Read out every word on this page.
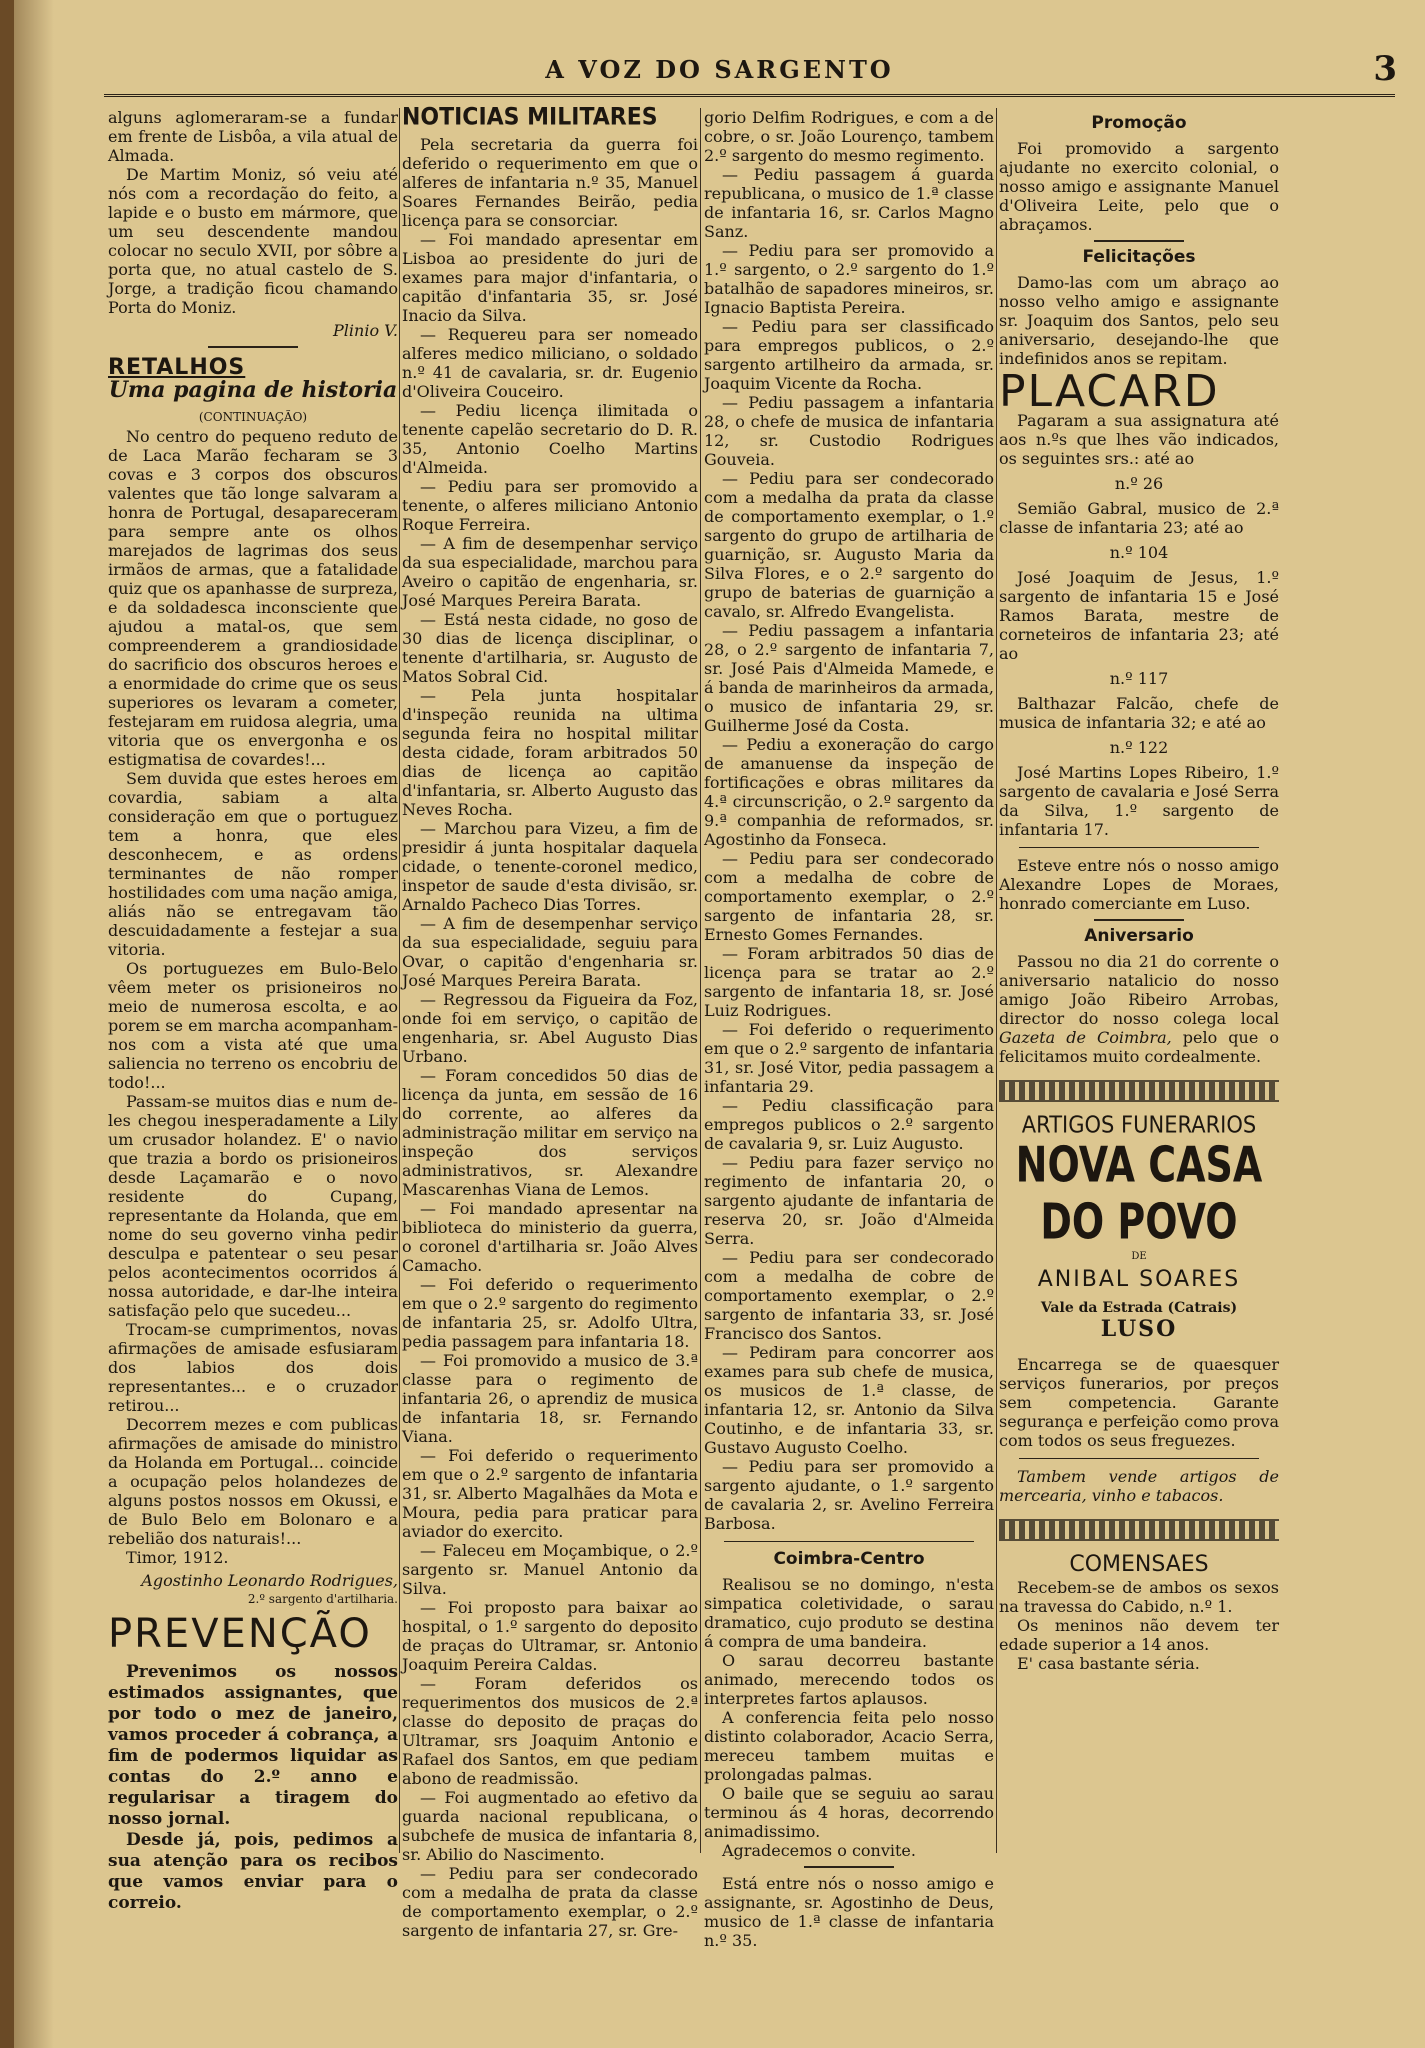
A VOZ DO SARGENTO	3

alguns aglomeraram-se a fundar em frente de Lisbôa, a vila atual de Almada.

De Martim Moniz, só veiu até nós com a recordação do feito, a lapide e o busto em mármore, que um seu descendente mandou colocar no seculo XVII, por sôbre a porta que, no atual castelo de S. Jorge, a tradição ficou chamando Porta do Moniz.

Plinio V.
RETALHOS
Uma pagina de historia
(CONTINUAÇÃO)

No centro do pequeno reduto de de Laca Marão fecharam se 3 covas e 3 corpos dos obscuros valentes que tão longe salvaram a honra de Portugal, desapareceram para sempre ante os olhos marejados de lagrimas dos seus irmãos de armas, que a fatalidade quiz que os apanhasse de surpreza, e da soldadesca inconsciente que ajudou a matal-os, que sem compreenderem a grandiosidade do sacrificio dos obscuros heroes e a enormidade do crime que os seus superiores os levaram a cometer, festejaram em ruidosa alegria, uma vitoria que os envergonha e os estigmatisa de covardes!...

Sem duvida que estes heroes em covardia, sabiam a alta consideração em que o portuguez tem a honra, que eles desconhecem, e as ordens terminantes de não romper hostilidades com uma nação amiga, aliás não se entregavam tão descuidadamente a festejar a sua vitoria.

Os portuguezes em Bulo-Belo vêem meter os prisioneiros no meio de numerosa escolta, e ao porem se em marcha acompanham-nos com a vista até que uma saliencia no terreno os encobriu de todo!...

Passam-se muitos dias e num de-les chegou inesperadamente a Lily um crusador holandez. E' o navio que trazia a bordo os prisioneiros desde Laçamarão e o novo residente do Cupang, representante da Holanda, que em nome do seu governo vinha pedir desculpa e patentear o seu pesar pelos acontecimentos ocorridos á nossa autoridade, e dar-lhe inteira satisfação pelo que sucedeu...

Trocam-se cumprimentos, novas afirmações de amisade esfusiaram dos labios dos dois representantes... e o cruzador retirou...

Decorrem mezes e com publicas afirmações de amisade do ministro da Holanda em Portugal... coincide a ocupação pelos holandezes de alguns postos nossos em Okussi, e de Bulo Belo em Bolonaro e a rebelião dos naturais!...

Timor, 1912.

Agostinho Leonardo Rodrigues,
2.º sargento d'artilharia.
PREVENÇÃO

Prevenimos os nossos estimados assignantes, que por todo o mez de janeiro, vamos proceder á cobrança, a fim de podermos liquidar as contas do 2.º anno e regularisar a tiragem do nosso jornal.

Desde já, pois, pedimos a sua atenção para os recibos que vamos enviar para o correio.

NOTICIAS MILITARES

Pela secretaria da guerra foi deferido o requerimento em que o alferes de infantaria n.º 35, Manuel Soares Fernandes Beirão, pedia licença para se consorciar.

— Foi mandado apresentar em Lisboa ao presidente do juri de exames para major d'infantaria, o capitão d'infantaria 35, sr. José Inacio da Silva.

— Requereu para ser nomeado alferes medico miliciano, o soldado n.º 41 de cavalaria, sr. dr. Eugenio d'Oliveira Couceiro.

— Pediu licença ilimitada o tenente capelão secretario do D. R. 35, Antonio Coelho Martins d'Almeida.

— Pediu para ser promovido a tenente, o alferes miliciano Antonio Roque Ferreira.

— A fim de desempenhar serviço da sua especialidade, marchou para Aveiro o capitão de engenharia, sr. José Marques Pereira Barata.

— Está nesta cidade, no goso de 30 dias de licença disciplinar, o tenente d'artilharia, sr. Augusto de Matos Sobral Cid.

— Pela junta hospitalar d'inspeção reunida na ultima segunda feira no hospital militar desta cidade, foram arbitrados 50 dias de licença ao capitão d'infantaria, sr. Alberto Augusto das Neves Rocha.

— Marchou para Vizeu, a fim de presidir á junta hospitalar daquela cidade, o tenente-coronel medico, inspetor de saude d'esta divisão, sr. Arnaldo Pacheco Dias Torres.

— A fim de desempenhar serviço da sua especialidade, seguiu para Ovar, o capitão d'engenharia sr. José Marques Pereira Barata.

— Regressou da Figueira da Foz, onde foi em serviço, o capitão de engenharia, sr. Abel Augusto Dias Urbano.

— Foram concedidos 50 dias de licença da junta, em sessão de 16 do corrente, ao alferes da administração militar em serviço na inspeção dos serviços administrativos, sr. Alexandre Mascarenhas Viana de Lemos.

— Foi mandado apresentar na biblioteca do ministerio da guerra, o coronel d'artilharia sr. João Alves Camacho.

— Foi deferido o requerimento em que o 2.º sargento do regimento de infantaria 25, sr. Adolfo Ultra, pedia passagem para infantaria 18.

— Foi promovido a musico de 3.ª classe para o regimento de infantaria 26, o aprendiz de musica de infantaria 18, sr. Fernando Viana.

— Foi deferido o requerimento em que o 2.º sargento de infantaria 31, sr. Alberto Magalhães da Mota e Moura, pedia para praticar para aviador do exercito.

— Faleceu em Moçambique, o 2.º sargento sr. Manuel Antonio da Silva.

— Foi proposto para baixar ao hospital, o 1.º sargento do deposito de praças do Ultramar, sr. Antonio Joaquim Pereira Caldas.

— Foram deferidos os requerimentos dos musicos de 2.ª classe do deposito de praças do Ultramar, srs Joaquim Antonio e Rafael dos Santos, em que pediam abono de readmissão.

— Foi augmentado ao efetivo da guarda nacional republicana, o subchefe de musica de infantaria 8, sr. Abilio do Nascimento.

— Pediu para ser condecorado com a medalha de prata da classe de comportamento exemplar, o 2.º sargento de infantaria 27, sr. Gre-

gorio Delfim Rodrigues, e com a de cobre, o sr. João Lourenço, tambem 2.º sargento do mesmo regimento.

— Pediu passagem á guarda republicana, o musico de 1.ª classe de infantaria 16, sr. Carlos Magno Sanz.

— Pediu para ser promovido a 1.º sargento, o 2.º sargento do 1.º batalhão de sapadores mineiros, sr. Ignacio Baptista Pereira.

— Pediu para ser classificado para empregos publicos, o 2.º sargento artilheiro da armada, sr. Joaquim Vicente da Rocha.

— Pediu passagem a infantaria 28, o chefe de musica de infantaria 12, sr. Custodio Rodrigues Gouveia.

— Pediu para ser condecorado com a medalha da prata da classe de comportamento exemplar, o 1.º sargento do grupo de artilharia de guarnição, sr. Augusto Maria da Silva Flores, e o 2.º sargento do grupo de baterias de guarnição a cavalo, sr. Alfredo Evangelista.

— Pediu passagem a infantaria 28, o 2.º sargento de infantaria 7, sr. José Pais d'Almeida Mamede, e á banda de marinheiros da armada, o musico de infantaria 29, sr. Guilherme José da Costa.

— Pediu a exoneração do cargo de amanuense da inspeção de fortificações e obras militares da 4.ª circunscrição, o 2.º sargento da 9.ª companhia de reformados, sr. Agostinho da Fonseca.

— Pediu para ser condecorado com a medalha de cobre de comportamento exemplar, o 2.º sargento de infantaria 28, sr. Ernesto Gomes Fernandes.

— Foram arbitrados 50 dias de licença para se tratar ao 2.º sargento de infantaria 18, sr. José Luiz Rodrigues.

— Foi deferido o requerimento em que o 2.º sargento de infantaria 31, sr. José Vitor, pedia passagem a infantaria 29.

— Pediu classificação para empregos publicos o 2.º sargento de cavalaria 9, sr. Luiz Augusto.

— Pediu para fazer serviço no regimento de infantaria 20, o sargento ajudante de infantaria de reserva 20, sr. João d'Almeida Serra.

— Pediu para ser condecorado com a medalha de cobre de comportamento exemplar, o 2.º sargento de infantaria 33, sr. José Francisco dos Santos.

— Pediram para concorrer aos exames para sub chefe de musica, os musicos de 1.ª classe, de infantaria 12, sr. Antonio da Silva Coutinho, e de infantaria 33, sr. Gustavo Augusto Coelho.

— Pediu para ser promovido a sargento ajudante, o 1.º sargento de cavalaria 2, sr. Avelino Ferreira Barbosa.

Coimbra-Centro

Realisou se no domingo, n'esta simpatica coletividade, o sarau dramatico, cujo produto se destina á compra de uma bandeira.

O sarau decorreu bastante animado, merecendo todos os interpretes fartos aplausos.

A conferencia feita pelo nosso distinto colaborador, Acacio Serra, mereceu tambem muitas e prolongadas palmas.

O baile que se seguiu ao sarau terminou ás 4 horas, decorrendo animadissimo.

Agradecemos o convite.

Está entre nós o nosso amigo e assignante, sr. Agostinho de Deus, musico de 1.ª classe de infantaria n.º 35.

Promoção

Foi promovido a sargento ajudante no exercito colonial, o nosso amigo e assignante Manuel d'Oliveira Leite, pelo que o abraçamos.

Felicitações

Damo-las com um abraço ao nosso velho amigo e assignante sr. Joaquim dos Santos, pelo seu aniversario, desejando-lhe que indefinidos anos se repitam.

PLACARD

Pagaram a sua assignatura até aos n.ºs que lhes vão indicados, os seguintes srs.: até ao

n.º 26

Semião Gabral, musico de 2.ª classe de infantaria 23; até ao

n.º 104

José Joaquim de Jesus, 1.º sargento de infantaria 15 e José Ramos Barata, mestre de corneteiros de infantaria 23; até ao

n.º 117

Balthazar Falcão, chefe de musica de infantaria 32; e até ao

n.º 122

José Martins Lopes Ribeiro, 1.º sargento de cavalaria e José Serra da Silva, 1.º sargento de infantaria 17.

Esteve entre nós o nosso amigo Alexandre Lopes de Moraes, honrado comerciante em Luso.

Aniversario

Passou no dia 21 do corrente o aniversario natalicio do nosso amigo João Ribeiro Arrobas, director do nosso colega local Gazeta de Coimbra, pelo que o felicitamos muito cordealmente.

ARTIGOS FUNERARIOS
NOVA CASA DO POVO
DE
ANIBAL SOARES
Vale da Estrada (Catrais)
LUSO

Encarrega se de quaesquer serviços funerarios, por preços sem competencia. Garante segurança e perfeição como prova com todos os seus freguezes.

Tambem vende artigos de mercearia, vinho e tabacos.

COMENSAES

Recebem-se de ambos os sexos na travessa do Cabido, n.º 1.

Os meninos não devem ter edade superior a 14 anos.

E' casa bastante séria.
